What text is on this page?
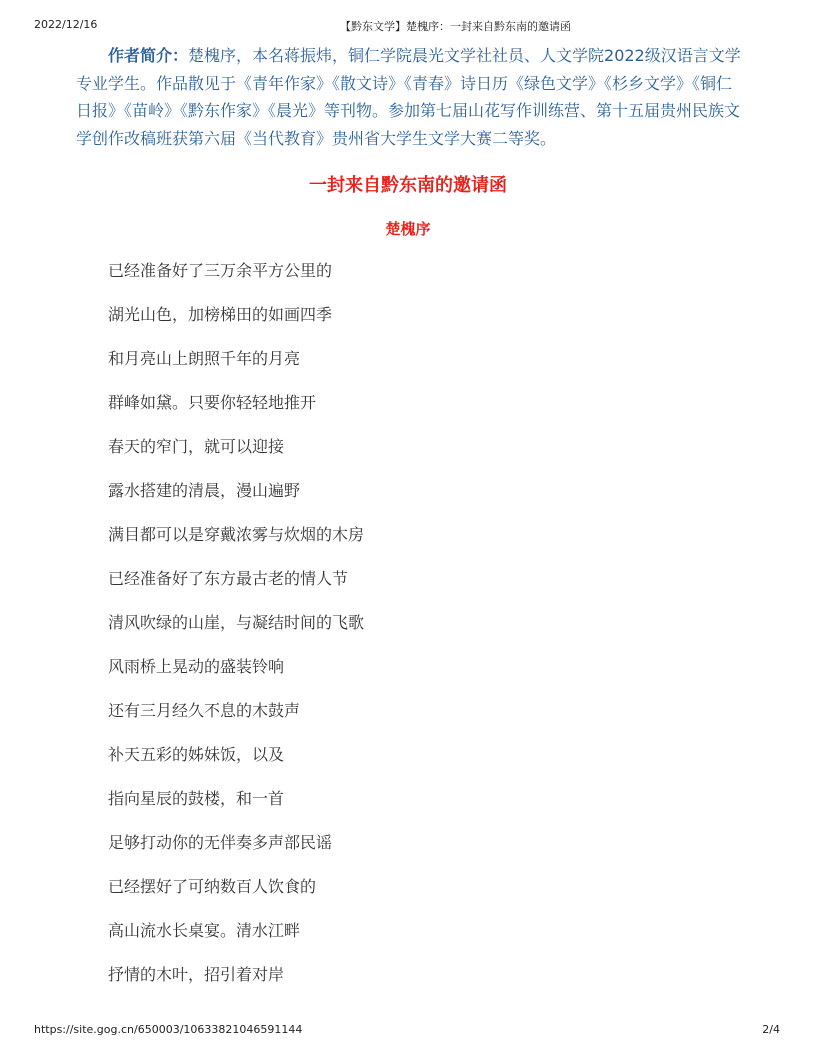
2022/12/16	【黔东文学】楚槐序：一封来自黔东南的邀请函

作者简介：楚槐序，本名蒋振炜，铜仁学院晨光文学社社员、人文学院2022级汉语言文学专业学生。作品散见于《青年作家》《散文诗》《青春》诗日历《绿色文学》《杉乡文学》《铜仁日报》《苗岭》《黔东作家》《晨光》等刊物。参加第七届山花写作训练营、第十五届贵州民族文学创作改稿班获第六届《当代教育》贵州省大学生文学大赛二等奖。

一封来自黔东南的邀请函
楚槐序
已经准备好了三万余平方公里的
湖光山色，加榜梯田的如画四季
和月亮山上朗照千年的月亮
群峰如黛。只要你轻轻地推开
春天的窄门，就可以迎接
露水搭建的清晨，漫山遍野
满目都可以是穿戴浓雾与炊烟的木房
已经准备好了东方最古老的情人节
清风吹绿的山崖，与凝结时间的飞歌
风雨桥上晃动的盛装铃响
还有三月经久不息的木鼓声
补天五彩的姊妹饭，以及
指向星辰的鼓楼，和一首
足够打动你的无伴奏多声部民谣
已经摆好了可纳数百人饮食的
高山流水长桌宴。清水江畔
抒情的木叶，招引着对岸
https://site.gog.cn/650003/10633821046591144	2/4
